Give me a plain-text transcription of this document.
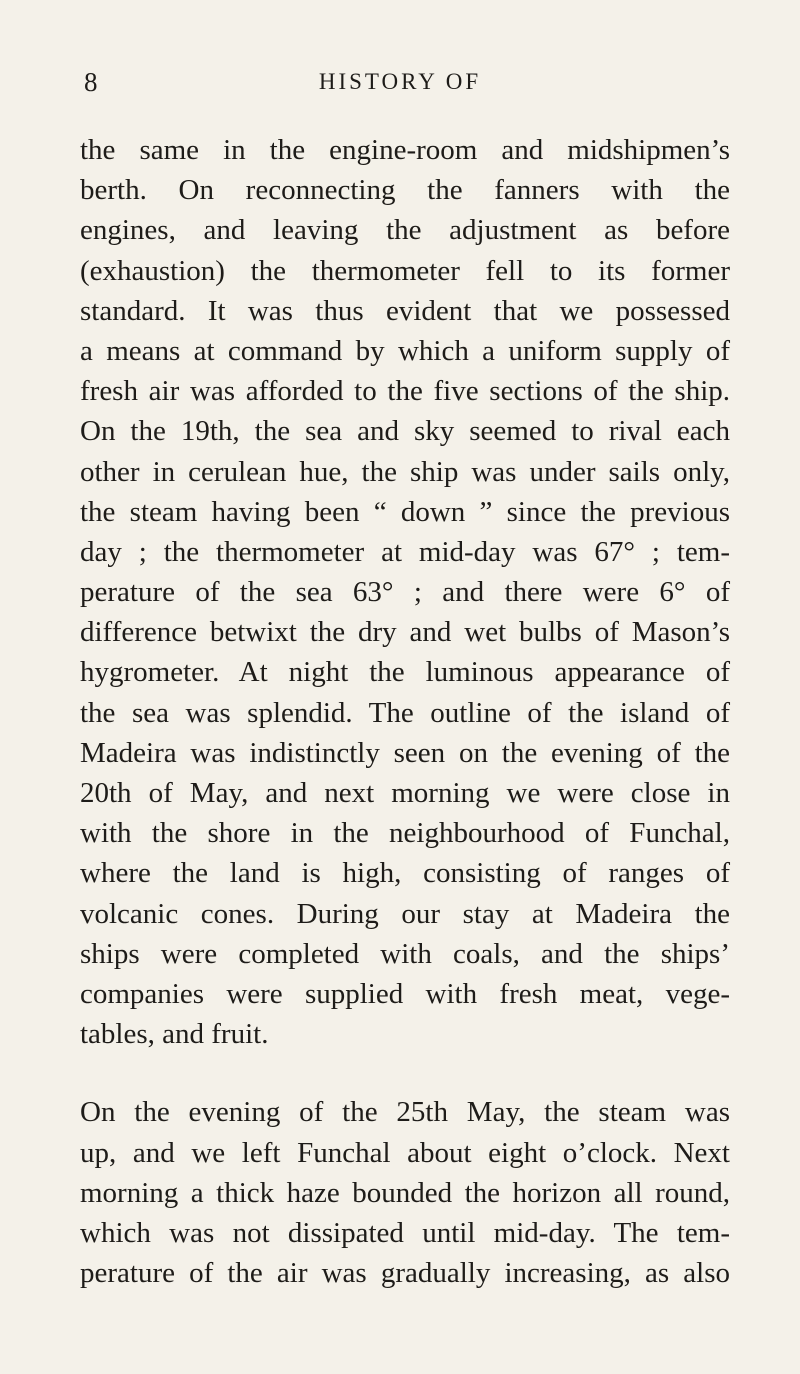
8	HISTORY OF

the same in the engine-room and midshipmen’s
berth. On reconnecting the fanners with the
engines, and leaving the adjustment as before
(exhaustion) the thermometer fell to its former
standard. It was thus evident that we possessed
a means at command by which a uniform supply of
fresh air was afforded to the five sections of the ship.
On the 19th, the sea and sky seemed to rival each
other in cerulean hue, the ship was under sails only,
the steam having been “ down ” since the previous
day ; the thermometer at mid-day was 67° ; tem-
perature of the sea 63° ; and there were 6° of
difference betwixt the dry and wet bulbs of Mason’s
hygrometer. At night the luminous appearance of
the sea was splendid. The outline of the island of
Madeira was indistinctly seen on the evening of the
20th of May, and next morning we were close in
with the shore in the neighbourhood of Funchal,
where the land is high, consisting of ranges of
volcanic cones. During our stay at Madeira the
ships were completed with coals, and the ships’
companies were supplied with fresh meat, vege-
tables, and fruit.

On the evening of the 25th May, the steam was
up, and we left Funchal about eight o’clock. Next
morning a thick haze bounded the horizon all round,
which was not dissipated until mid-day. The tem-
perature of the air was gradually increasing, as also
